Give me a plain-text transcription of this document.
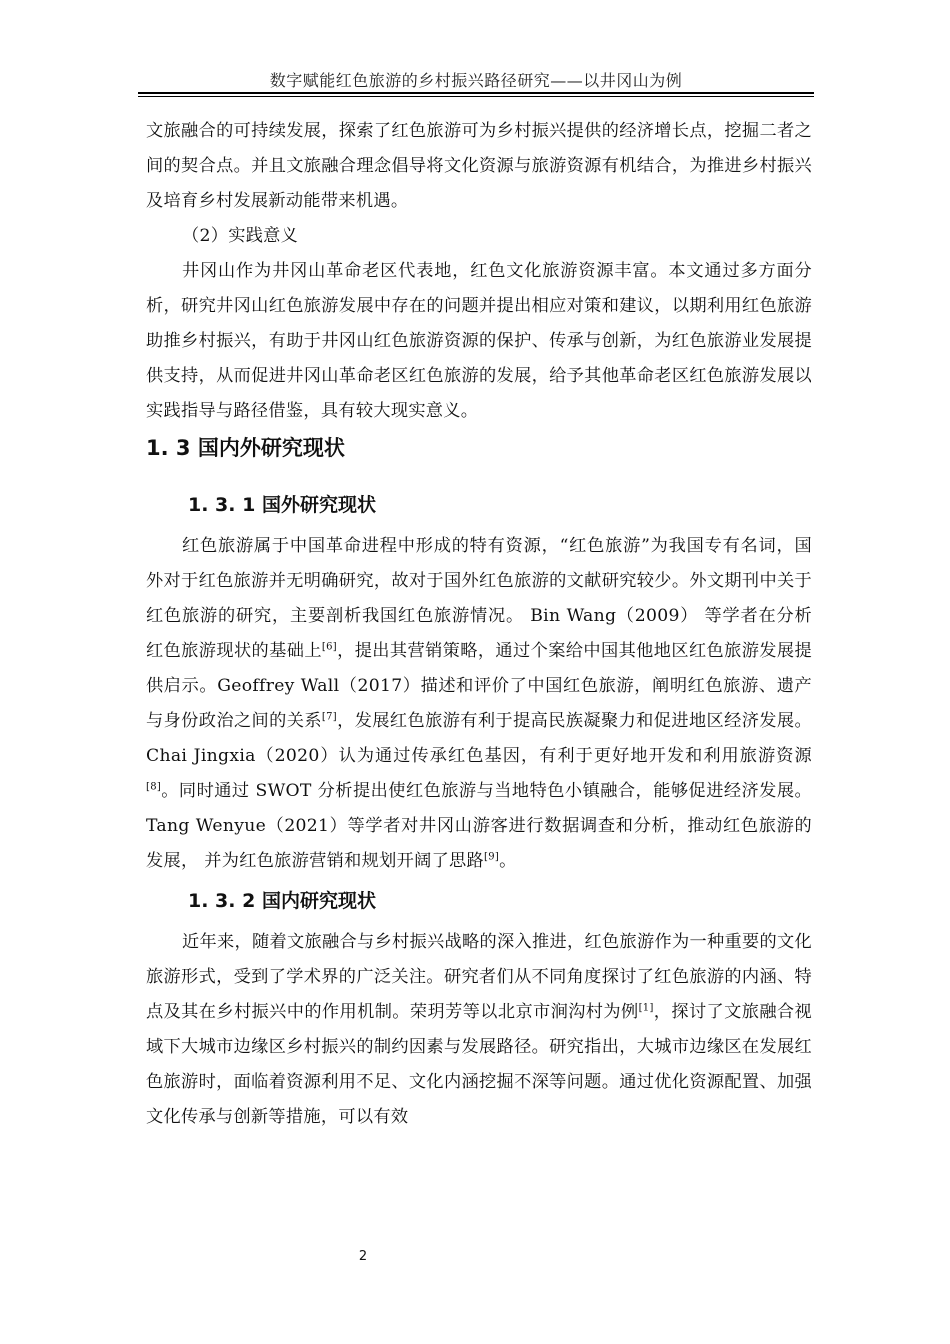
数字赋能红色旅游的乡村振兴路径研究——以井冈山为例

文旅融合的可持续发展，探索了红色旅游可为乡村振兴提供的经济增长点，挖掘二者之间的契合点。并且文旅融合理念倡导将文化资源与旅游资源有机结合，为推进乡村振兴及培育乡村发展新动能带来机遇。

（2）实践意义

井冈山作为井冈山革命老区代表地，红色文化旅游资源丰富。本文通过多方面分析，研究井冈山红色旅游发展中存在的问题并提出相应对策和建议，以期利用红色旅游助推乡村振兴，有助于井冈山红色旅游资源的保护、传承与创新，为红色旅游业发展提供支持，从而促进井冈山革命老区红色旅游的发展，给予其他革命老区红色旅游发展以实践指导与路径借鉴，具有较大现实意义。

1. 3 国内外研究现状
1. 3. 1 国外研究现状

红色旅游属于中国革命进程中形成的特有资源，“红色旅游”为我国专有名词，国外对于红色旅游并无明确研究，故对于国外红色旅游的文献研究较少。外文期刊中关于红色旅游的研究，主要剖析我国红色旅游情况。 Bin Wang（2009） 等学者在分析红色旅游现状的基础上[6]，提出其营销策略，通过个案给中国其他地区红色旅游发展提供启示。Geoffrey Wall（2017）描述和评价了中国红色旅游，阐明红色旅游、遗产与身份政治之间的关系[7]，发展红色旅游有利于提高民族凝聚力和促进地区经济发展。Chai Jingxia（2020）认为通过传承红色基因，有利于更好地开发和利用旅游资源[8]。同时通过 SWOT 分析提出使红色旅游与当地特色小镇融合，能够促进经济发展。Tang Wenyue（2021）等学者对井冈山游客进行数据调查和分析，推动红色旅游的发展， 并为红色旅游营销和规划开阔了思路[9]。

1. 3. 2 国内研究现状

近年来，随着文旅融合与乡村振兴战略的深入推进，红色旅游作为一种重要的文化旅游形式，受到了学术界的广泛关注。研究者们从不同角度探讨了红色旅游的内涵、特点及其在乡村振兴中的作用机制。荣玥芳等以北京市涧沟村为例[1]，探讨了文旅融合视域下大城市边缘区乡村振兴的制约因素与发展路径。研究指出，大城市边缘区在发展红色旅游时，面临着资源利用不足、文化内涵挖掘不深等问题。通过优化资源配置、加强文化传承与创新等措施，可以有效

2
